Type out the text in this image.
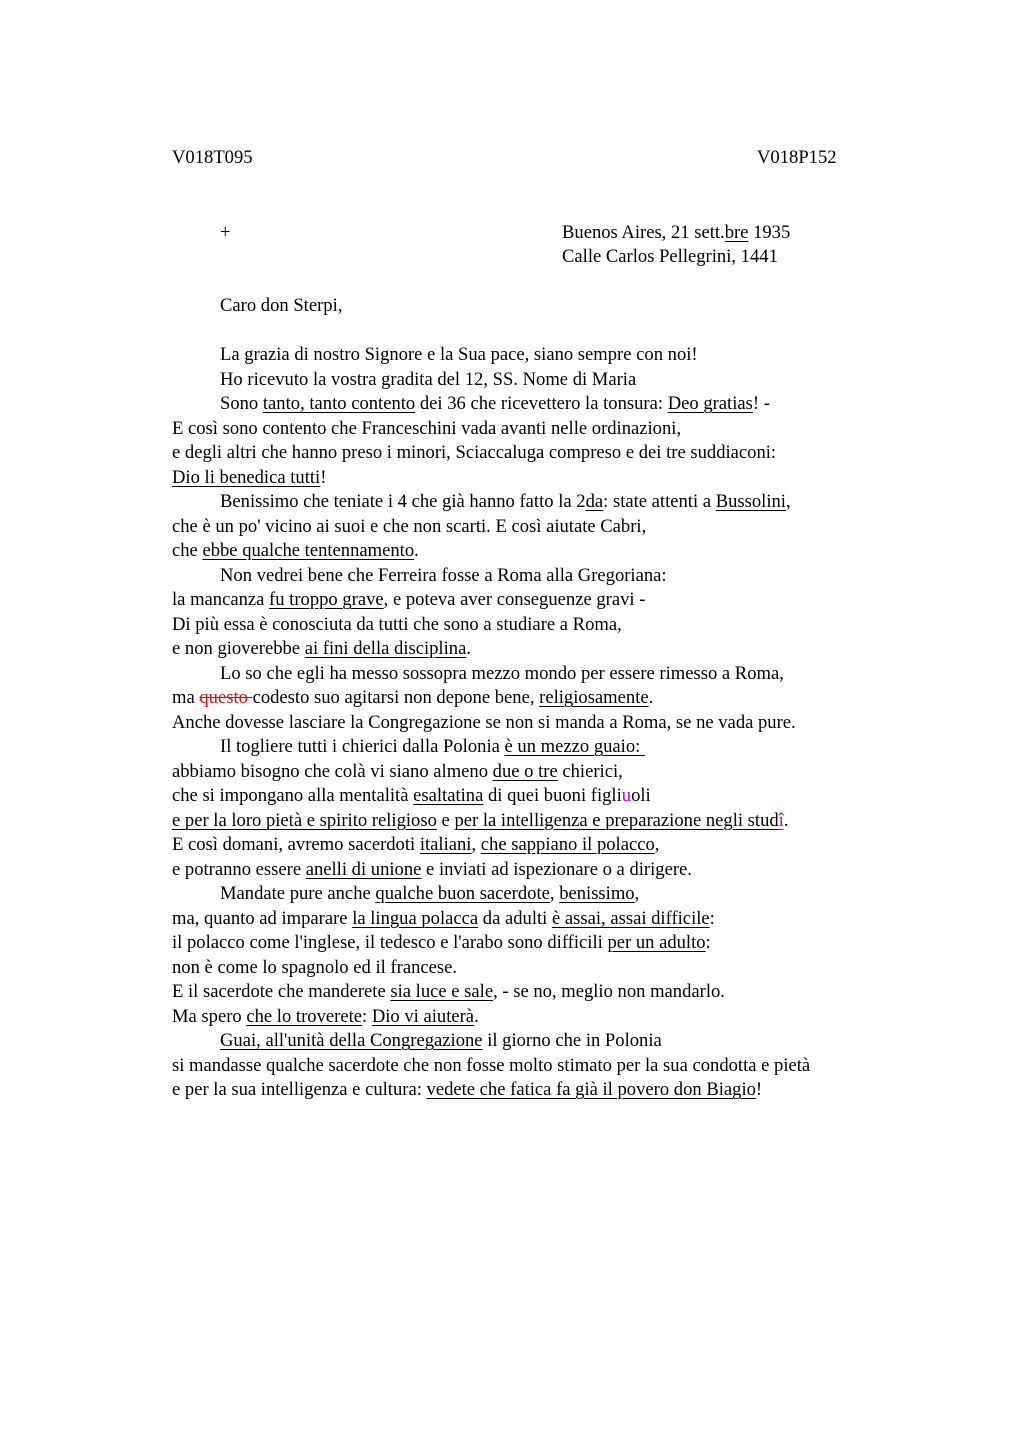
V018T095	V018P152
+	Buenos Aires, 21 sett.bre 1935
Calle Carlos Pellegrini, 1441
Caro don Sterpi,
La grazia di nostro Signore e la Sua pace, siano sempre con noi!
Ho ricevuto la vostra gradita del 12, SS. Nome di Maria
Sono tanto, tanto contento dei 36 che ricevettero la tonsura: Deo gratias! -
E così sono contento che Franceschini vada avanti nelle ordinazioni,
e degli altri che hanno preso i minori, Sciaccaluga compreso e dei tre suddiaconi:
Dio li benedica tutti!
Benissimo che teniate i 4 che già hanno fatto la 2da: state attenti a Bussolini,
che è un po' vicino ai suoi e che non scarti. E così aiutate Cabri,
che ebbe qualche tentennamento.
Non vedrei bene che Ferreira fosse a Roma alla Gregoriana:
la mancanza fu troppo grave, e poteva aver conseguenze gravi -
Di più essa è conosciuta da tutti che sono a studiare a Roma,
e non gioverebbe ai fini della disciplina.
Lo so che egli ha messo sossopra mezzo mondo per essere rimesso a Roma,
ma questo codesto suo agitarsi non depone bene, religiosamente.
Anche dovesse lasciare la Congregazione se non si manda a Roma, se ne vada pure.
Il togliere tutti i chierici dalla Polonia è un mezzo guaio:
abbiamo bisogno che colà vi siano almeno due o tre chierici,
che si impongano alla mentalità esaltatina di quei buoni figliuoli
e per la loro pietà e spirito religioso e per la intelligenza e preparazione negli studî.
E così domani, avremo sacerdoti italiani, che sappiano il polacco,
e potranno essere anelli di unione e inviati ad ispezionare o a dirigere.
Mandate pure anche qualche buon sacerdote, benissimo,
ma, quanto ad imparare la lingua polacca da adulti è assai, assai difficile:
il polacco come l'inglese, il tedesco e l'arabo sono difficili per un adulto:
non è come lo spagnolo ed il francese.
E il sacerdote che manderete sia luce e sale, - se no, meglio non mandarlo.
Ma spero che lo troverete: Dio vi aiuterà.
Guai, all'unità della Congregazione il giorno che in Polonia
si mandasse qualche sacerdote che non fosse molto stimato per la sua condotta e pietà
e per la sua intelligenza e cultura: vedete che fatica fa già il povero don Biagio!
